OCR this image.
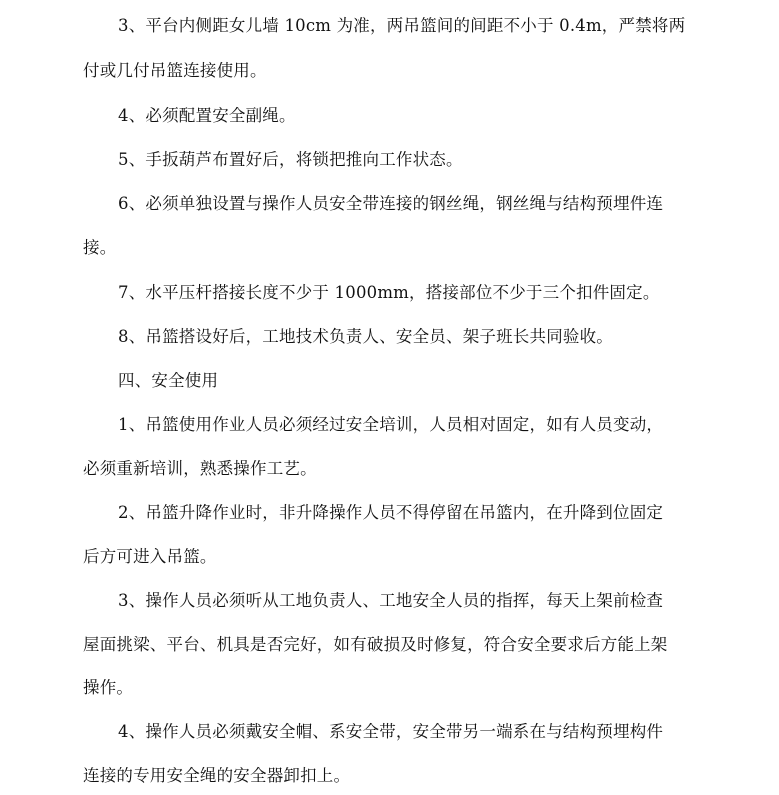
3、平台内侧距女儿墙 10cm 为准，两吊篮间的间距不小于 0.4m，严禁将两
付或几付吊篮连接使用。
4、必须配置安全副绳。
5、手扳葫芦布置好后，将锁把推向工作状态。
6、必须单独设置与操作人员安全带连接的钢丝绳，钢丝绳与结构预埋件连
接。
7、水平压杆搭接长度不少于 1000mm，搭接部位不少于三个扣件固定。
8、吊篮搭设好后，工地技术负责人、安全员、架子班长共同验收。
四、安全使用
1、吊篮使用作业人员必须经过安全培训，人员相对固定，如有人员变动，
必须重新培训，熟悉操作工艺。
2、吊篮升降作业时，非升降操作人员不得停留在吊篮内，在升降到位固定
后方可进入吊篮。
3、操作人员必须听从工地负责人、工地安全人员的指挥，每天上架前检查
屋面挑梁、平台、机具是否完好，如有破损及时修复，符合安全要求后方能上架
操作。
4、操作人员必须戴安全帽、系安全带，安全带另一端系在与结构预埋构件
连接的专用安全绳的安全器卸扣上。
